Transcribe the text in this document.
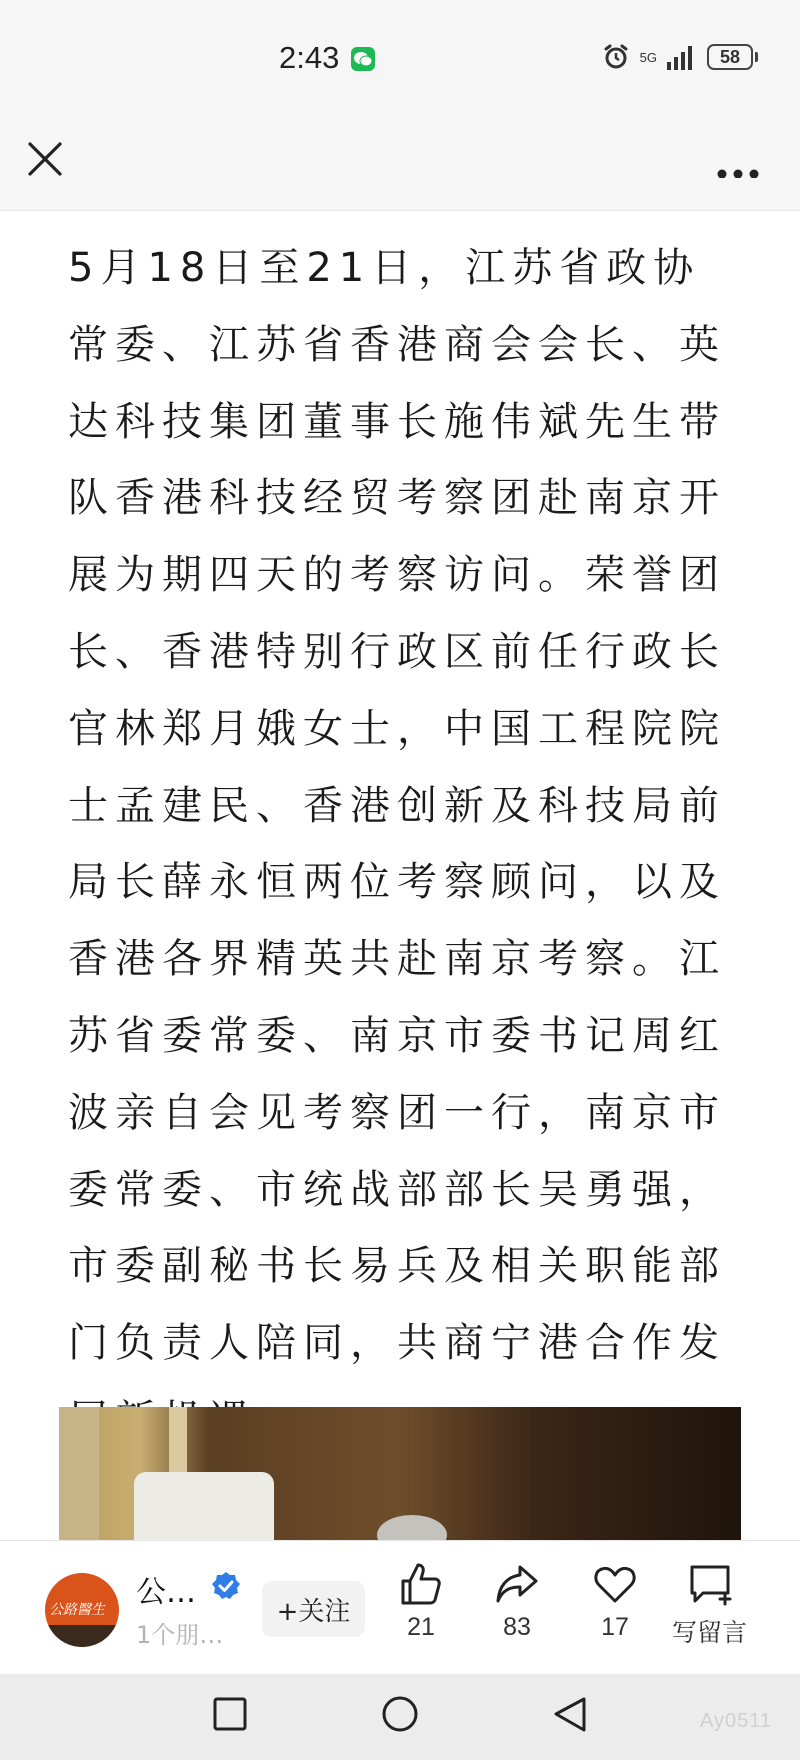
2:43	5G	58

5月18日至21日，江苏省政协常委、江苏省香港商会会长、英达科技集团董事长施伟斌先生带队香港科技经贸考察团赴南京开展为期四天的考察访问。荣誉团长、香港特别行政区前任行政长官林郑月娥女士，中国工程院院士孟建民、香港创新及科技局前局长薛永恒两位考察顾问，以及香港各界精英共赴南京考察。江苏省委常委、南京市委书记周红波亲自会见考察团一行，南京市委常委、市统战部部长吴勇强，市委副秘书长易兵及相关职能部门负责人陪同，共商宁港合作发

公路醫生 公…
1个朋…
+关注
21	83	17 写留言
Ay0511
